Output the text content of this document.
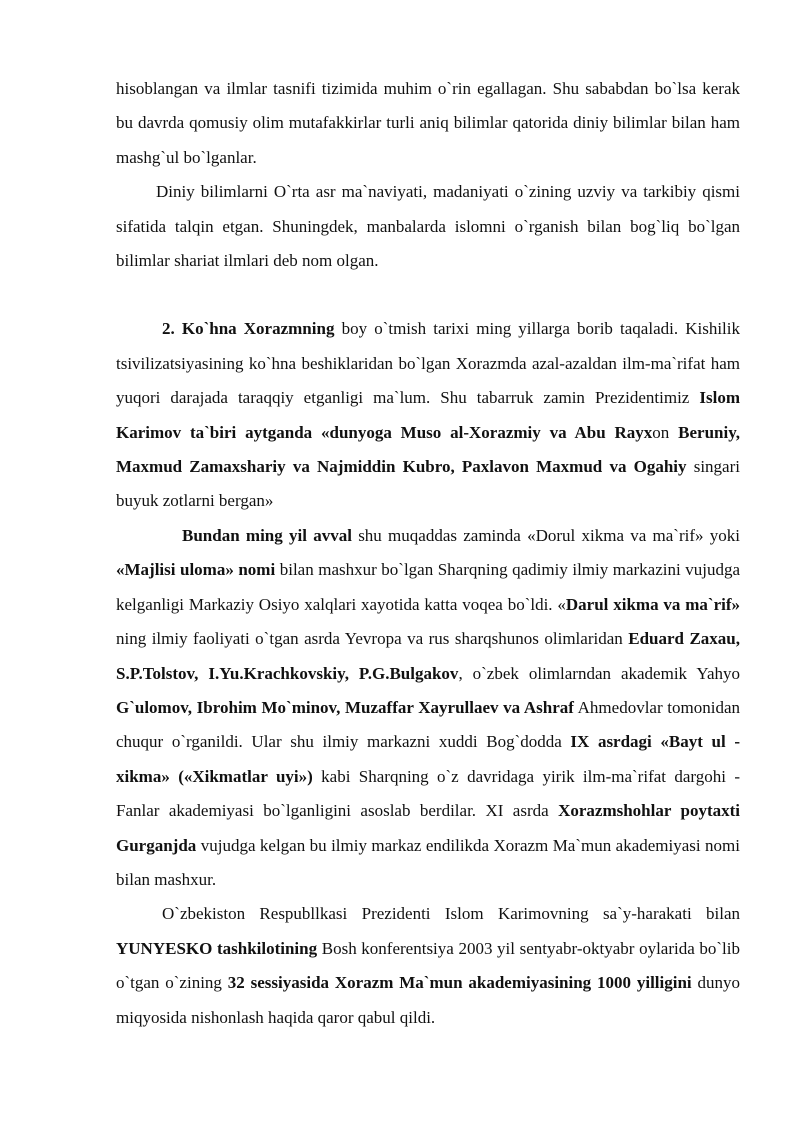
hisoblangan va ilmlar tasnifi tizimida muhim o`rin egallagan. Shu sababdan bo`lsa kerak bu davrda qomusiy olim mutafakkirlar turli aniq bilimlar qatorida diniy bilimlar bilan ham mashg`ul bo`lganlar.

Diniy bilimlarni O`rta asr ma`naviyati, madaniyati o`zining uzviy va tarkibiy qismi sifatida talqin etgan. Shuningdek, manbalarda islomni o`rganish bilan bog`liq bo`lgan bilimlar shariat ilmlari deb nom olgan.

2. Ko`hna Xorazmning boy o`tmish tarixi ming yillarga borib taqaladi. Kishilik tsivilizatsiyasining ko`hna beshiklaridan bo`lgan Xorazmda azal-azaldan ilm-ma`rifat ham yuqori darajada taraqqiy etganligi ma`lum. Shu tabarruk zamin Prezidentimiz Islom Karimov ta`biri aytganda «dunyoga Muso al-Xorazmiy va Abu Rayxon Beruniy, Maxmud Zamaxshariy va Najmiddin Kubro, Paxlavon Maxmud va Ogahiy singari buyuk zotlarni bergan»

Bundan ming yil avval shu muqaddas zaminda «Dorul xikma va ma`rif» yoki «Majlisi uloma» nomi bilan mashxur bo`lgan Sharqning qadimiy ilmiy markazini vujudga kelganligi Markaziy Osiyo xalqlari xayotida katta voqea bo`ldi. «Darul xikma va ma`rif» ning ilmiy faoliyati o`tgan asrda Yevropa va rus sharqshunos olimlaridan Eduard Zaxau, S.P.Tolstov, I.Yu.Krachkovskiy, P.G.Bulgakov, o`zbek olimlarndan akademik Yahyo G`ulomov, Ibrohim Mo`minov, Muzaffar Xayrullaev va Ashraf Ahmedovlar tomonidan chuqur o`rganildi. Ular shu ilmiy markazni xuddi Bog`dodda IX asrdagi «Bayt ul - xikma» («Xikmatlar uyi») kabi Sharqning o`z davridaga yirik ilm-ma`rifat dargohi - Fanlar akademiyasi bo`lganligini asoslab berdilar. XI asrda Xorazmshohlar poytaxti Gurganjda vujudga kelgan bu ilmiy markaz endilikda Xorazm Ma`mun akademiyasi nomi bilan mashxur.

O`zbekiston Respubllkasi Prezidenti Islom Karimovning sa`y-harakati bilan YUNYESKO tashkilotining Bosh konferentsiya 2003 yil sentyabr-oktyabr oylarida bo`lib o`tgan o`zining 32 sessiyasida Xorazm Ma`mun akademiyasining 1000 yilligini dunyo miqyosida nishonlash haqida qaror qabul qildi.
